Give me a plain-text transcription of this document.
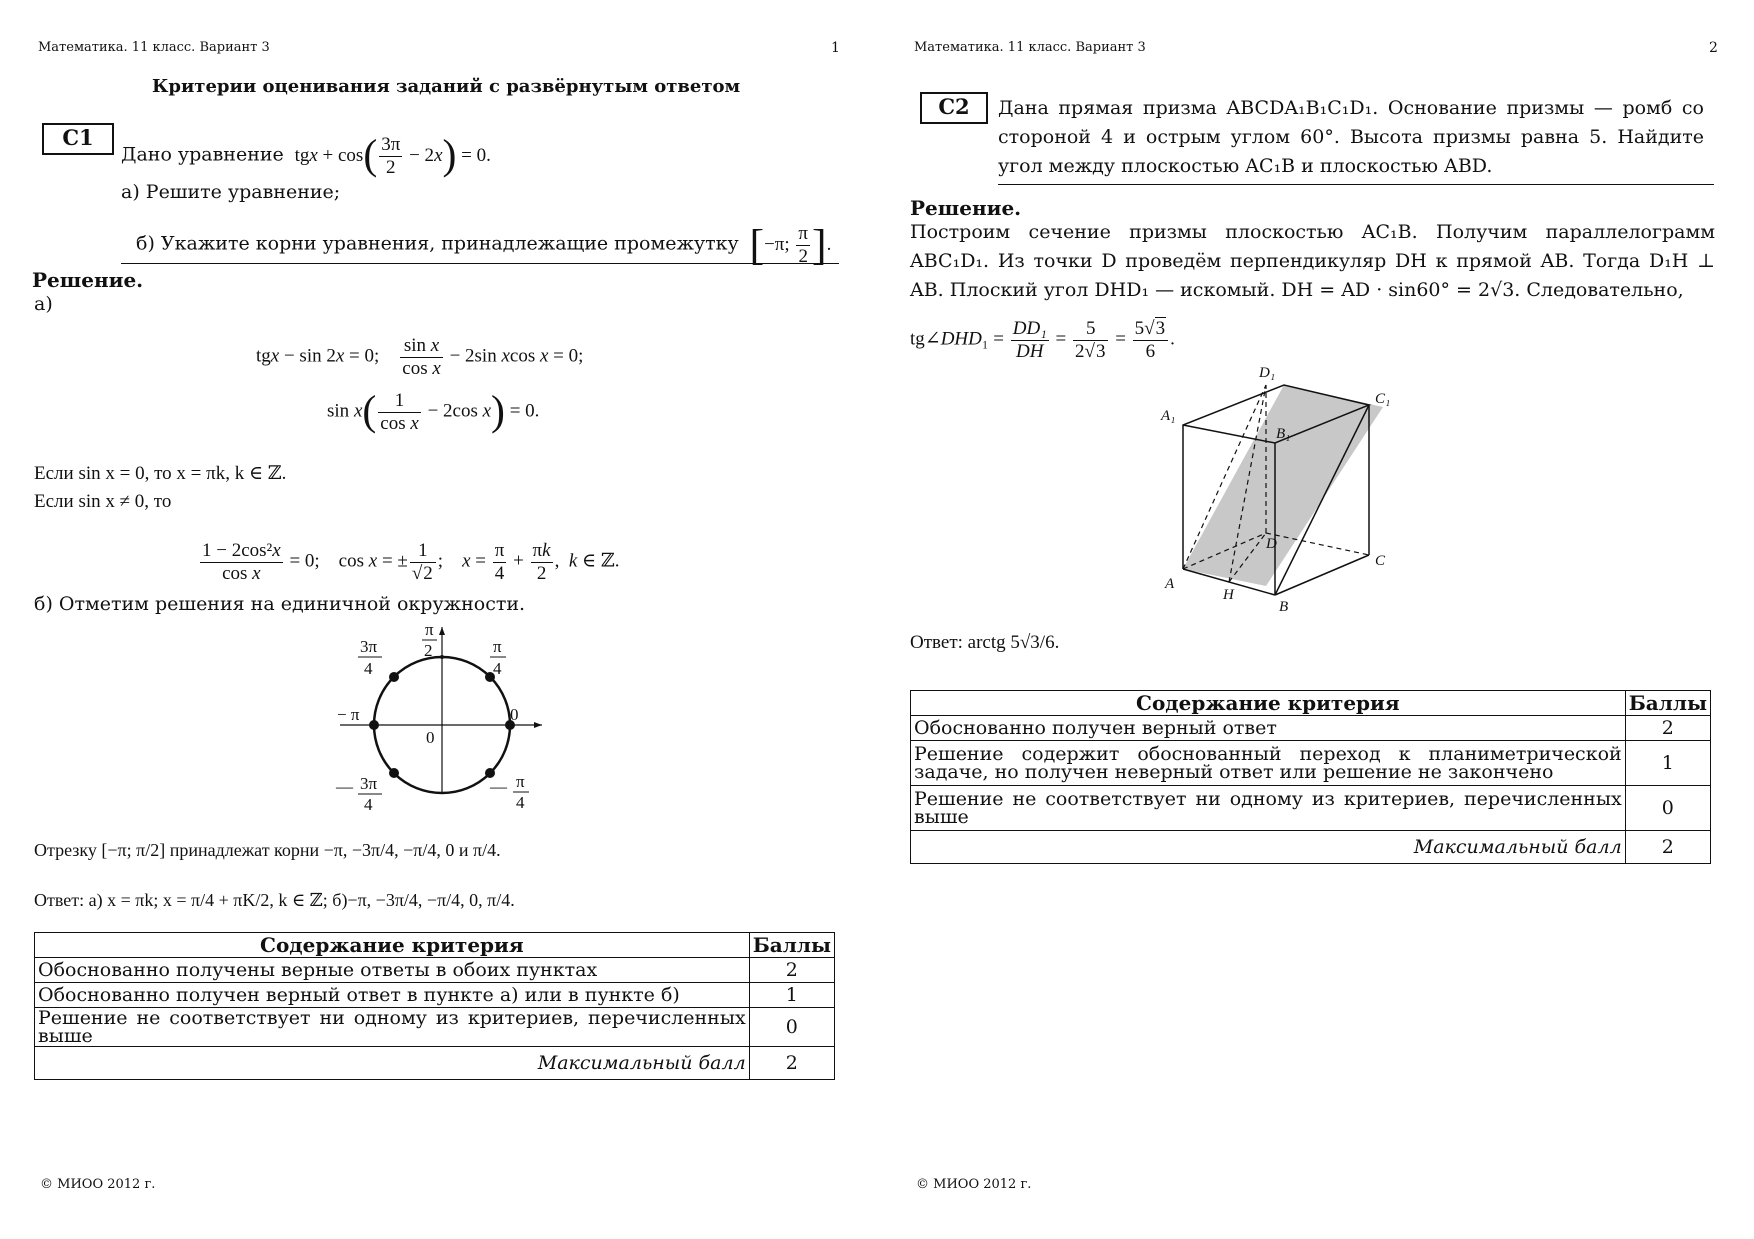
Математика. 11 класс. Вариант 3	1
Критерии оценивания заданий с развёрнутым ответом
С1
Дано уравнение  tgx + $\cos( \frac{3\pi}{2} - 2x) = 0$.
а) Решите уравнение;
б) Укажите корни уравнения, принадлежащие промежутку [−π; $\frac{\pi}{2}$ ].
Решение.
а)
tgx − sin 2x = 0; $\frac{\text{sin x}}{\text{cos x}} - 2\sin$ xcos x = 0;
$\sin x( \frac{1}{\text{cos x}} - 2\cos$ x) = 0.
Если sin x = 0, то x = πk, k ∈ ℤ.
Если sin x ≠ 0, то
$\frac{\text{1 − 2cos²x}}{\text{cos x}} = 0$;    cos x = ± $\frac{1}{√2}$ ;    $x = \frac{\pi}{4} + \frac{\pi k}{2}$ ,  k ∈ ℤ.
б) Отметим решения на единичной окружности.
π
2
3π
4
π
4
− π	0
0
— 3π
4
— π
4
Отрезку [−π; π/2] принадлежат корни −π, −3π/4, −π/4, 0 и π/4.
Ответ: а) x = πk; x = π/4 + πK/2, k ∈ ℤ; б)−π, −3π/4, −π/4, 0, π/4.
Содержание критерия	Баллы
Обоснованно получены верные ответы в обоих пунктах	2
Обоснованно получен верный ответ в пункте а) или в пункте б)	1
Решение не соответствует ни одному из критериев, перечисленных выше	0
Максимальный балл	2
© МИОО 2012 г.
Математика. 11 класс. Вариант 3	2
С2	Дана прямая призма ABCDA₁B₁C₁D₁. Основание призмы — ромб со стороной 4 и острым углом 60°. Высота призмы равна 5. Найдите угол между плоскостью AC₁B и плоскостью ABD.
Решение.
Построим сечение призмы плоскостью AC₁B. Получим параллелограмм ABC₁D₁. Из точки D проведём перпендикуляр DH к прямой AB. Тогда D₁H ⊥ AB. Плоский угол DHD₁ — искомый. DH = AD · sin60° = 2√3. Следовательно,
tg∠DHD₁ = $\frac{\text{DD₁}}{DH} = \frac{5}{2√3} = \frac{5√3}{6}$ .
D₁
A₁
B₁
C₁
D
A
H
B
C
Ответ: arctg 5√3/6.
Содержание критерия	Баллы
Обоснованно получен верный ответ	2
Решение содержит обоснованный переход к планиметрической задаче, но получен неверный ответ или решение не закончено	1
Решение не соответствует ни одному из критериев, перечисленных выше	0
Максимальный балл	2
© МИОО 2012 г.
